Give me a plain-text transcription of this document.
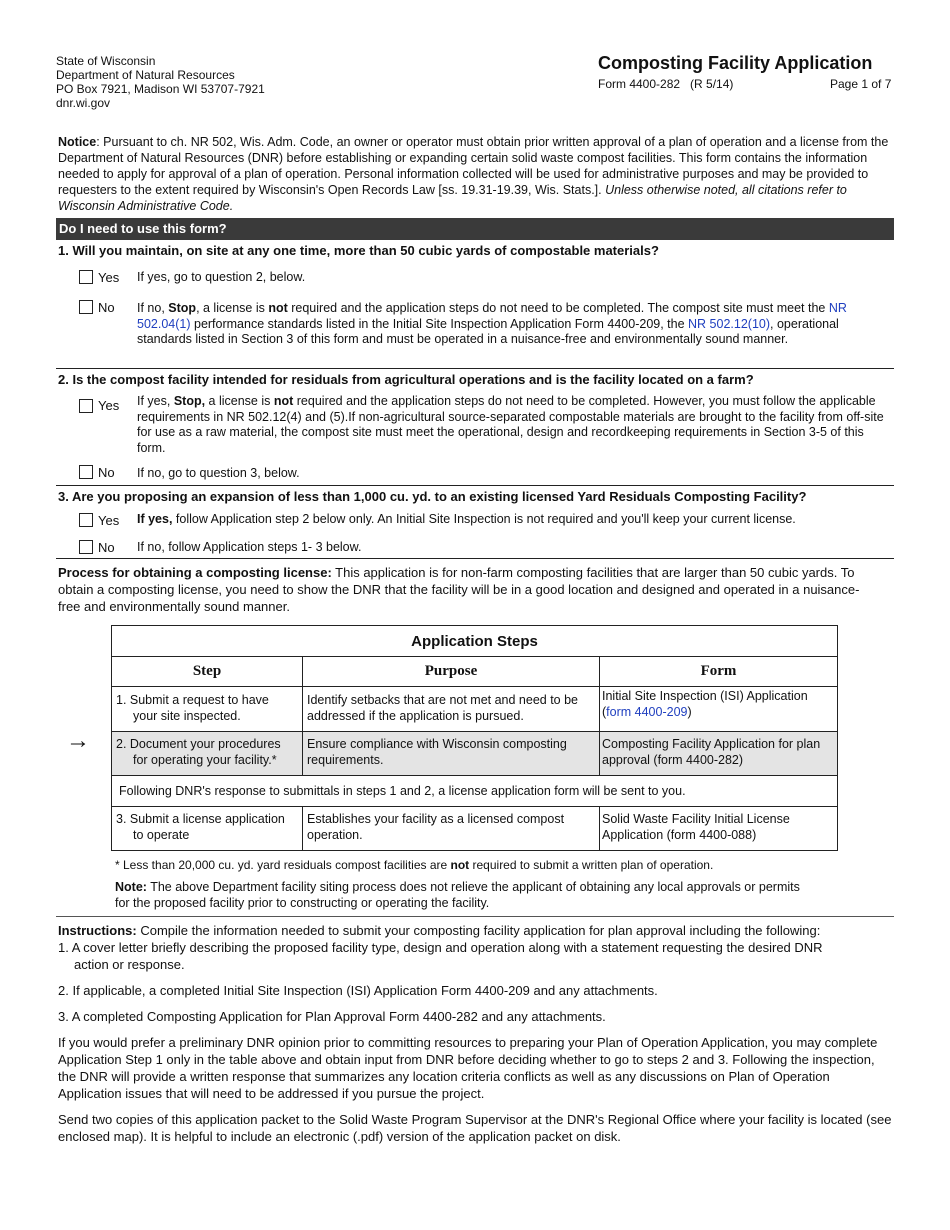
State of Wisconsin
Department of Natural Resources
PO Box 7921, Madison WI 53707-7921
dnr.wi.gov
Composting Facility Application
Form 4400-282   (R 5/14)	Page 1 of 7
Notice: Pursuant to ch. NR 502, Wis. Adm. Code, an owner or operator must obtain prior written approval of a plan of operation and a license from the Department of Natural Resources (DNR) before establishing or expanding certain solid waste compost facilities. This form contains the information needed to apply for approval of a plan of operation. Personal information collected will be used for administrative purposes and may be provided to requesters to the extent required by Wisconsin's Open Records Law [ss. 19.31-19.39, Wis. Stats.]. Unless otherwise noted, all citations refer to Wisconsin Administrative Code.
Do I need to use this form?
1. Will you maintain, on site at any one time, more than 50 cubic yards of compostable materials?
Yes If yes, go to question 2, below.
No If no, Stop, a license is not required and the application steps do not need to be completed. The compost site must meet the NR 502.04(1) performance standards listed in the Initial Site Inspection Application Form 4400-209, the NR 502.12(10), operational standards listed in Section 3 of this form and must be operated in a nuisance-free and environmentally sound manner.
2. Is the compost facility intended for residuals from agricultural operations and is the facility located on a farm?
Yes If yes, Stop, a license is not required and the application steps do not need to be completed. However, you must follow the applicable requirements in NR 502.12(4) and (5).If non-agricultural source-separated compostable materials are brought to the facility from off-site for use as a raw material, the compost site must meet the operational, design and recordkeeping requirements in Section 3-5 of this form.
No If no, go to question 3, below.
3. Are you proposing an expansion of less than 1,000 cu. yd. to an existing licensed Yard Residuals Composting Facility?
Yes If yes, follow Application step 2 below only. An Initial Site Inspection is not required and you'll keep your current license.
No If no, follow Application steps 1- 3 below.
Process for obtaining a composting license: This application is for non-farm composting facilities that are larger than 50 cubic yards. To obtain a composting license, you need to show the DNR that the facility will be in a good location and designed and operated in a nuisance-free and environmentally sound manner.
→
Application Steps		
Step	Purpose	Form
1. Submit a request to have
your site inspected.	Identify setbacks that are not met and need to be addressed if the application is pursued.	Initial Site Inspection (ISI) Application (form 4400-209)
2. Document your procedures
for operating your facility.*	Ensure compliance with Wisconsin composting requirements.	Composting Facility Application for plan approval (form 4400-282)
Following DNR's response to submittals in steps 1 and 2, a license application form will be sent to you.		
3. Submit a license application
to operate	Establishes your facility as a licensed compost operation.	Solid Waste Facility Initial License Application (form 4400-088)
* Less than 20,000 cu. yd. yard residuals compost facilities are not required to submit a written plan of operation.
Note: The above Department facility siting process does not relieve the applicant of obtaining any local approvals or permits for the proposed facility prior to constructing or operating the facility.
Instructions: Compile the information needed to submit your composting facility application for plan approval including the following:
1. A cover letter briefly describing the proposed facility type, design and operation along with a statement requesting the desired DNR
action or response.
2. If applicable, a completed Initial Site Inspection (ISI) Application Form 4400-209 and any attachments.
3. A completed Composting Application for Plan Approval Form 4400-282 and any attachments.
If you would prefer a preliminary DNR opinion prior to committing resources to preparing your Plan of Operation Application, you may complete Application Step 1 only in the table above and obtain input from DNR before deciding whether to go to steps 2 and 3. Following the inspection, the DNR will provide a written response that summarizes any location criteria conflicts as well as any discussions on Plan of Operation Application issues that will need to be addressed if you pursue the project.
Send two copies of this application packet to the Solid Waste Program Supervisor at the DNR's Regional Office where your facility is located (see enclosed map). It is helpful to include an electronic (.pdf) version of the application packet on disk.
